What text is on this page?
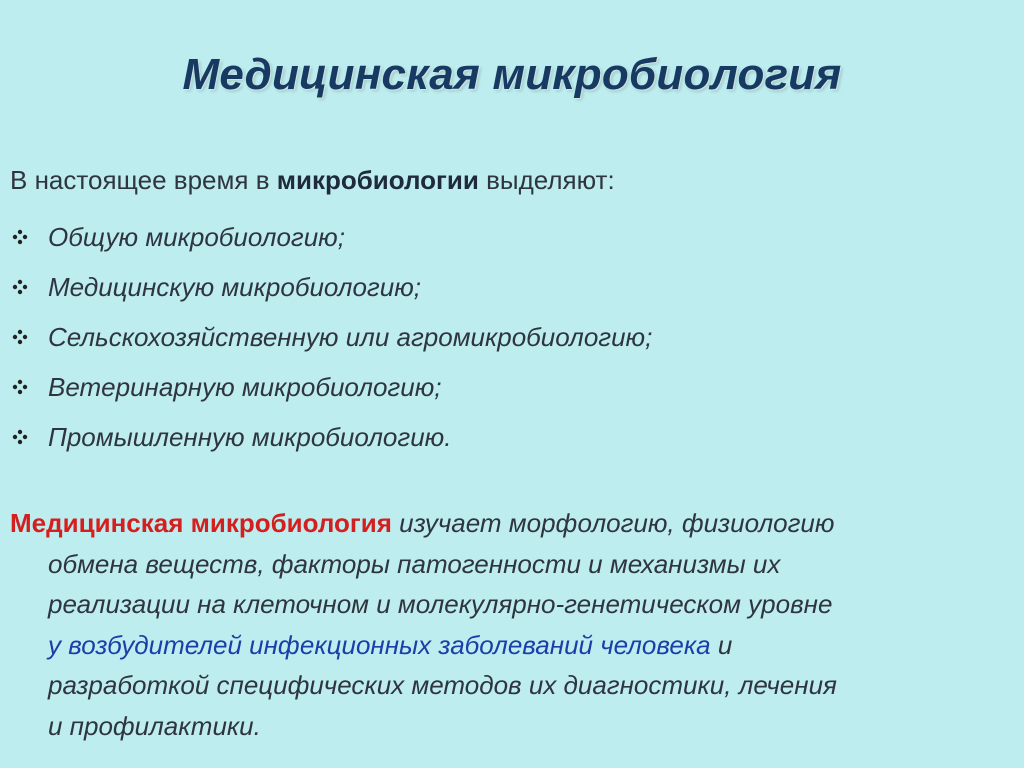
Медицинская микробиология
В настоящее время в микробиологии выделяют:
Общую микробиологию;
Медицинскую микробиологию;
Сельскохозяйственную или агромикробиологию;
Ветеринарную микробиологию;
Промышленную микробиологию.
Медицинская микробиология изучает морфологию, физиологию
обмена веществ, факторы патогенности и механизмы их
реализации на клеточном и молекулярно-генетическом уровне
у возбудителей инфекционных заболеваний человека и
разработкой специфических методов их диагностики, лечения
и профилактики.
